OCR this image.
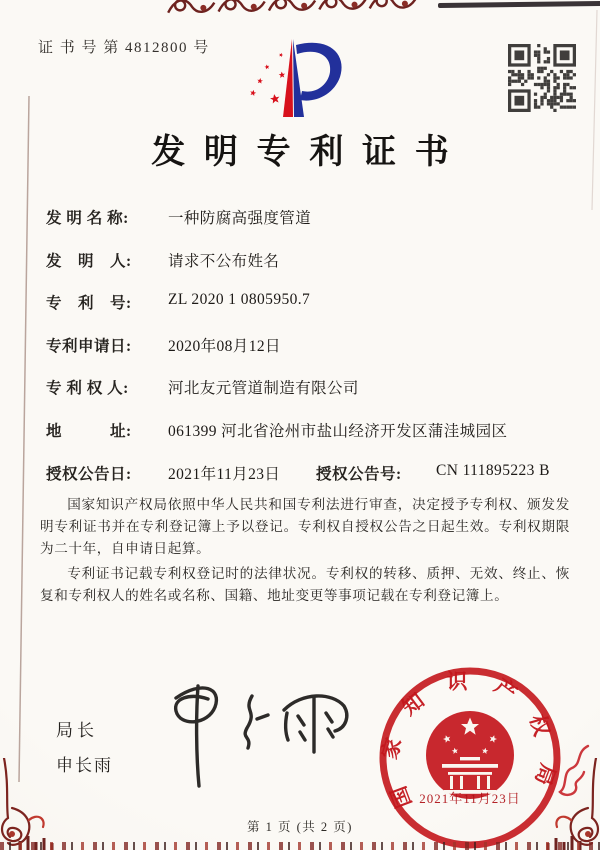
证 书 号 第 4812800 号
发明专利证书
发 明 名 称:	一种防腐高强度管道
发　明　人:	请求不公布姓名
专　利　号:	ZL 2020 1 0805950.7
专利申请日:	2020年08月12日
专 利 权 人:	河北友元管道制造有限公司
地　　　址:	061399 河北省沧州市盐山经济开发区蒲洼城园区
授权公告日:	2021年11月23日	授权公告号:	CN 111895223 B

国家知识产权局依照中华人民共和国专利法进行审查，决定授予专利权、颁发发明专利证书并在专利登记簿上予以登记。专利权自授权公告之日起生效。专利权期限为二十年，自申请日起算。

专利证书记载专利权登记时的法律状况。专利权的转移、质押、无效、终止、恢复和专利权人的姓名或名称、国籍、地址变更等事项记载在专利登记簿上。

局长
申长雨	国家知识产权局
2021年11月23日
第 1 页 (共 2 页)
